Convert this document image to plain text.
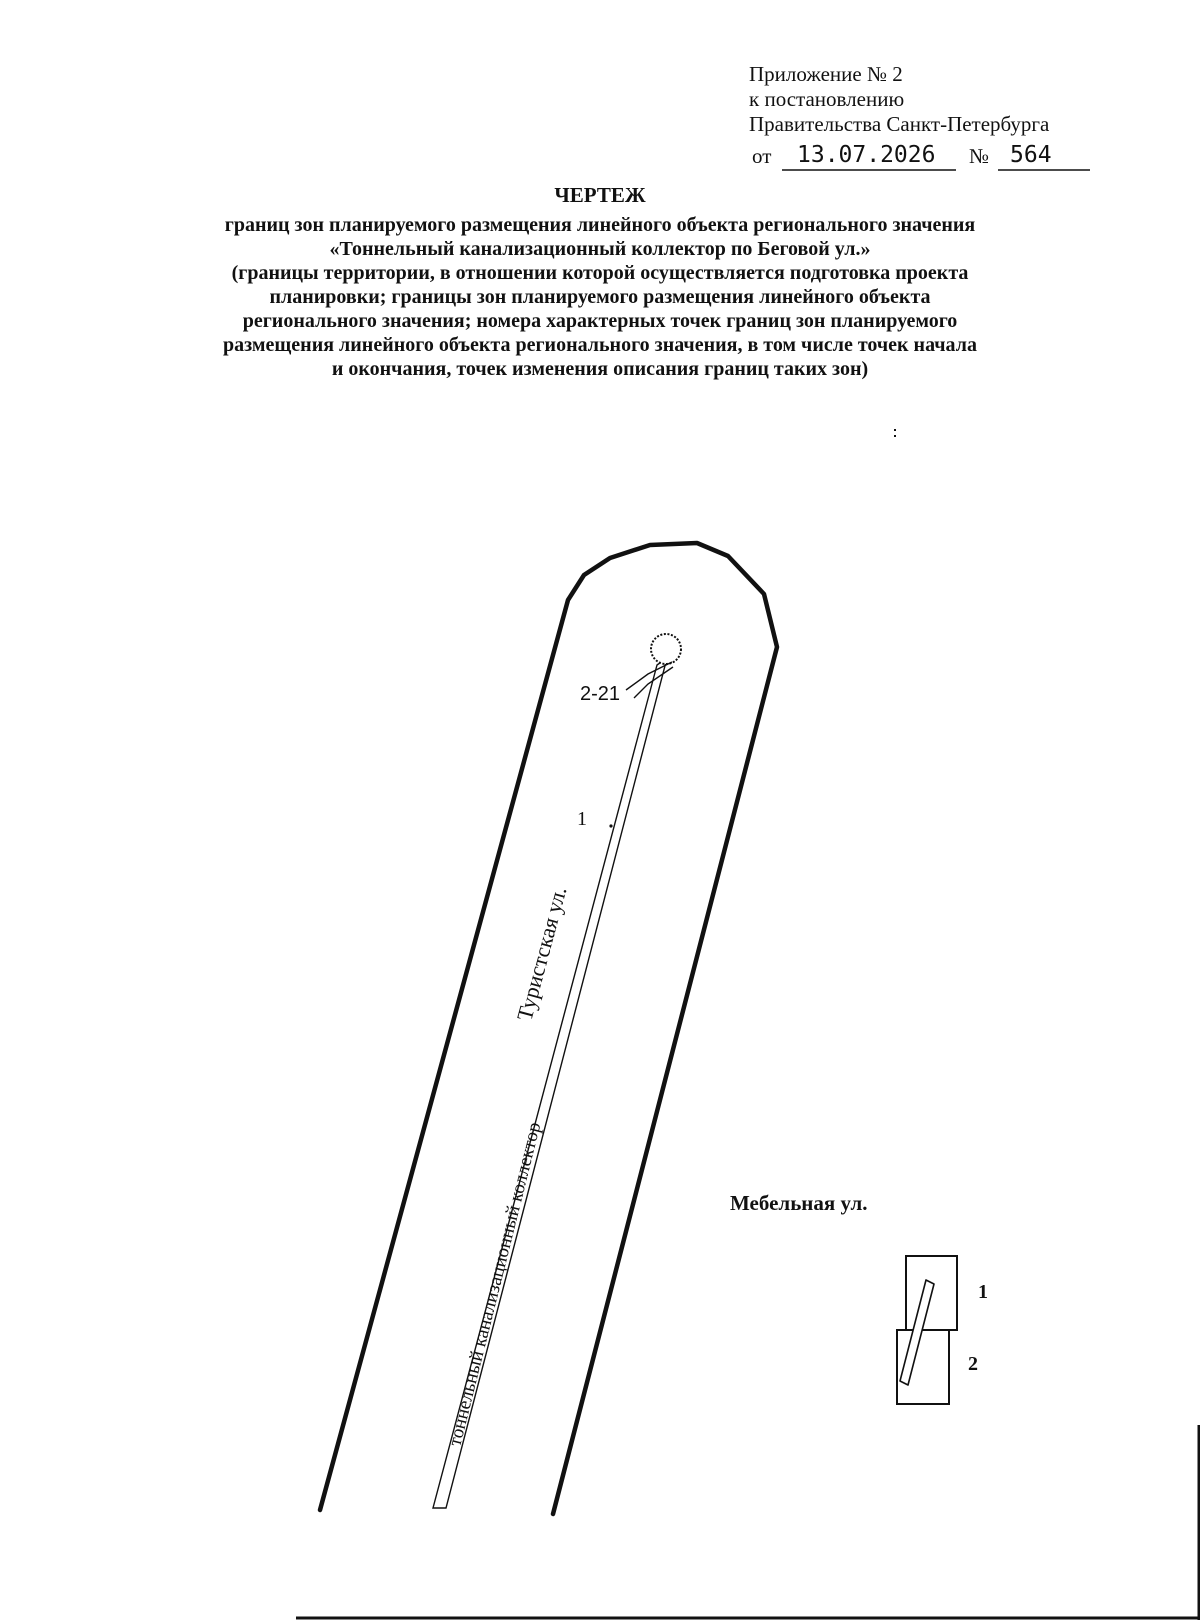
Приложение № 2
к постановлению
Правительства Санкт-Петербурга
от 13.07.2026 № 564
ЧЕРТЕЖ
границ зон планируемого размещения линейного объекта регионального значения
«Тоннельный канализационный коллектор по Беговой ул.»
(границы территории, в отношении которой осуществляется подготовка проекта
планировки; границы зон планируемого размещения линейного объекта
регионального значения; номера характерных точек границ зон планируемого
размещения линейного объекта регионального значения, в том числе точек начала
и окончания, точек изменения описания границ таких зон)
2-21
1
Туристская ул.
тоннельный канализационный коллектор	Мебельная ул.
1
2
